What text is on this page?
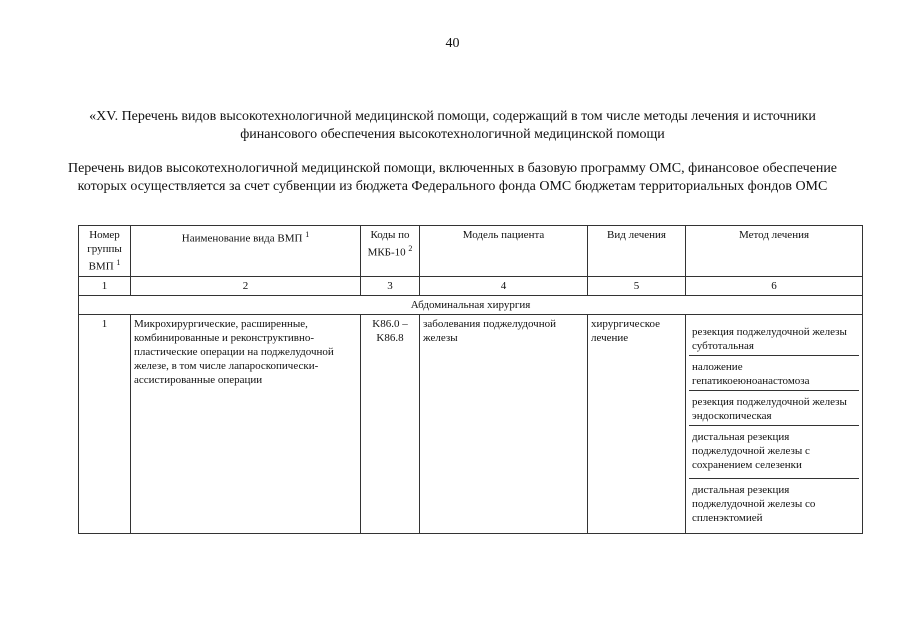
40
«XV. Перечень видов высокотехнологичной медицинской помощи, содержащий в том числе методы лечения и источники финансового обеспечения высокотехнологичной медицинской помощи
Перечень видов высокотехнологичной медицинской помощи, включенных в базовую программу ОМС, финансовое обеспечение которых осуществляется за счет субвенции из бюджета Федерального фонда ОМС бюджетам территориальных фондов ОМС
Номер группы ВМП $^1$	Наименование вида ВМП $^1$	Коды по МКБ-10 $^2$	Модель пациента	Вид лечения	Метод лечения
1	2	3	4	5	6
Абдоминальная хирургия					
1	Микрохирургические, расширенные, комбинированные и реконструктивно-пластические операции на поджелудочной железе, в том числе лапароскопически-ассистированные операции	K86.0 – K86.8	заболевания поджелудочной железы	хирургическое лечение	резекция поджелудочной железы субтотальная
наложение гепатикоеюноанастомоза
резекция поджелудочной железы эндоскопическая
дистальная резекция поджелудочной железы с сохранением селезенки
дистальная резекция поджелудочной железы со спленэктомией
